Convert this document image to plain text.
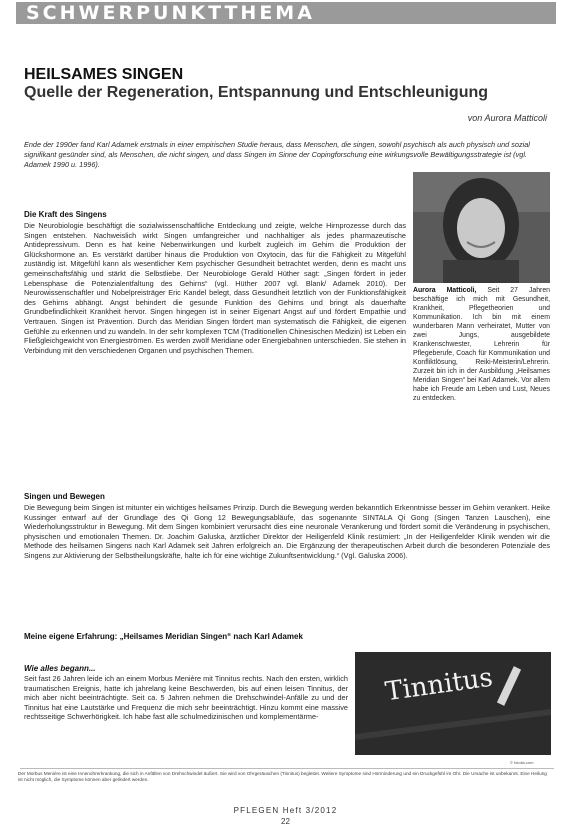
SCHWERPUNKTTHEMA
HEILSAMES SINGEN
Quelle der Regeneration, Entspannung und Entschleunigung
von Aurora Matticoli

Ende der 1990er fand Karl Adamek erstmals in einer empirischen Studie heraus, dass Menschen, die singen, sowohl psychisch als auch physisch und sozial signifikant gesünder sind, als Menschen, die nicht singen, und dass Singen im Sinne der Copingforschung eine wirkungsvolle Bewältigungsstrategie ist (vgl. Adamek 1990 u. 1996).

Die Kraft des Singens

Die Neurobiologie beschäftigt die sozialwissenschaftliche Entdeckung und zeigte, welche Hirnprozesse durch das Singen entstehen. Nachweislich wirkt Singen umfangreicher und nachhaltiger als jedes pharmazeutische Antidepressivum. Denn es hat keine Nebenwirkungen und kurbelt zugleich im Gehirn die Produktion der Glückshormone an. Es verstärkt darüber hinaus die Produktion von Oxytocin, das für die Fähigkeit zu Mitgefühl zuständig ist. Mitgefühl kann als wesentlicher Kern psychischer Gesundheit betrachtet werden, denn es macht uns gemeinschaftsfähig und stärkt die Selbstliebe. Der Neurobiologe Gerald Hüther sagt: „Singen fördert in jeder Lebensphase die Potenzialentfaltung des Gehirns“ (vgl. Hüther 2007 vgl. Blank/ Adamek 2010). Der Neurowissenschaftler und Nobelpreisträger Eric Kandel belegt, dass Gesundheit letztlich von der Funktionsfähigkeit des Gehirns abhängt. Angst behindert die gesunde Funktion des Gehirns und bringt als dauerhafte Grundbefindlichkeit Krankheit hervor. Singen hingegen ist in seiner Eigenart Angst auf und fördert Empathie und Vertrauen. Singen ist Prävention. Durch das Meridian Singen fördert man systematisch die Fähigkeit, die eigenen Gefühle zu erkennen und zu wandeln. In der sehr komplexen TCM (Traditionellen Chinesischen Medizin) ist Leben ein Fließgleichgewicht von Energieströmen. Es werden zwölf Meridiane oder Energiebahnen unterschieden. Sie stehen in Verbindung mit den verschiedenen Organen und psychischen Themen.

Aurora Matticoli, Seit 27 Jahren beschäftige ich mich mit Gesundheit, Krankheit, Pflegetheorien und Kommunikation. Ich bin mit einem wunderbaren Mann verheiratet, Mutter von zwei Jungs, ausgebildete Krankenschwester, Lehrerin für Pflegeberufe, Coach für Kommunikation und Konfliktlösung, Reiki-Meisterin/Lehrerin. Zurzeit bin ich in der Ausbildung „Heilsames Meridian Singen“ bei Karl Adamek. Vor allem habe ich Freude am Leben und Lust, Neues zu entdecken.

Singen und Bewegen

Die Bewegung beim Singen ist mitunter ein wichtiges heilsames Prinzip. Durch die Bewegung werden bekanntlich Erkenntnisse besser im Gehirn verankert. Heike Kussinger entwarf auf der Grundlage des Qi Gong 12 Bewegungsabläufe, das sogenannte SINTALA Qi Gong (Singen Tanzen Lauschen), eine Wiederholungsstruktur in Bewegung. Mit dem Singen kombiniert verursacht dies eine neuronale Verankerung und fördert somit die Veränderung in psychischen, physischen und emotionalen Themen. Dr. Joachim Galuska, ärztlicher Direktor der Heiligenfeld Klinik resümiert: „In der Heiligenfelder Klinik wenden wir die Methode des heilsamen Singens nach Karl Adamek seit Jahren erfolgreich an. Die Ergänzung der therapeutischen Arbeit durch die besonderen Potenziale des Singens zur Aktivierung der Selbstheilungskräfte, halte ich für eine wichtige Zukunftsentwicklung.“ (Vgl. Galuska 2006).

Meine eigene Erfahrung: „Heilsames Meridian Singen“ nach Karl Adamek
Wie alles begann...

Seit fast 26 Jahren leide ich an einem Morbus Menière mit Tinnitus rechts. Nach den ersten, wirklich traumatischen Ereignis, hatte ich jahrelang keine Beschwerden, bis auf einen leisen Tinnitus, der mich aber nicht beeinträchtigte. Seit ca. 5 Jahren nehmen die Drehschwindel-Anfälle zu und der Tinnitus hat eine Lautstärke und Frequenz die mich sehr beeinträchtigt. Hinzu kommt eine massive rechtsseitige Schwerhörigkeit. Ich habe fast alle schulmedizinischen und komplementärme-

Tinnitus
© fotolia.com

Der Morbus Menière ist eine Innenohrerkrankung, die sich in Anfällen von Drehschwindel äußert. Sie wird von Ohrgeräuschen (Tinnitus) begleitet. Weitere Symptome sind Hörminderung und ein Druckgefühl im Ohr. Die Ursache ist unbekannt. Eine Heilung ist nicht möglich, die Symptome können aber gelindert werden.

PFLEGEN Heft 3/2012
22
